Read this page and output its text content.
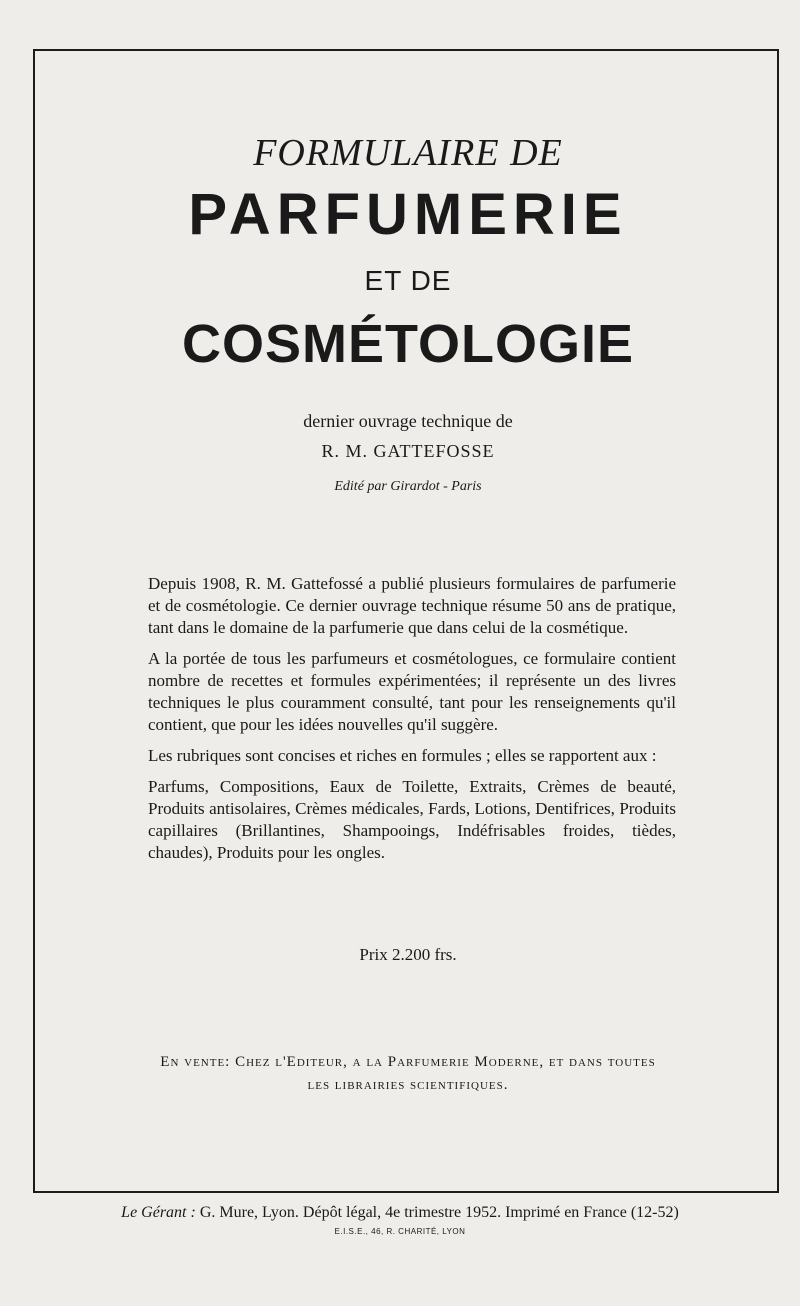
FORMULAIRE DE
PARFUMERIE
ET DE
COSMÉTOLOGIE
dernier ouvrage technique de
R. M. GATTEFOSSE
Edité par Girardot - Paris

Depuis 1908, R. M. Gattefossé a publié plusieurs formulaires de parfumerie et de cosmétologie. Ce dernier ouvrage technique résume 50 ans de pratique, tant dans le domaine de la parfumerie que dans celui de la cosmétique.

A la portée de tous les parfumeurs et cosmétologues, ce formulaire contient nombre de recettes et formules expérimentées; il représente un des livres techniques le plus couramment consulté, tant pour les renseignements qu'il contient, que pour les idées nouvelles qu'il suggère.

Les rubriques sont concises et riches en formules ; elles se rapportent aux :

Parfums, Compositions, Eaux de Toilette, Extraits, Crèmes de beauté, Produits antisolaires, Crèmes médicales, Fards, Lotions, Dentifrices, Produits capillaires (Brillantines, Shampooings, Indéfrisables froides, tièdes, chaudes), Produits pour les ongles.

Prix 2.200 frs.
En vente: Chez l'Editeur, a la Parfumerie Moderne, et dans toutes
les librairies scientifiques.
Le Gérant : G. Mure, Lyon. Dépôt légal, 4e trimestre 1952. Imprimé en France (12-52)
E.I.S.E., 46, R. CHARITÉ, LYON
